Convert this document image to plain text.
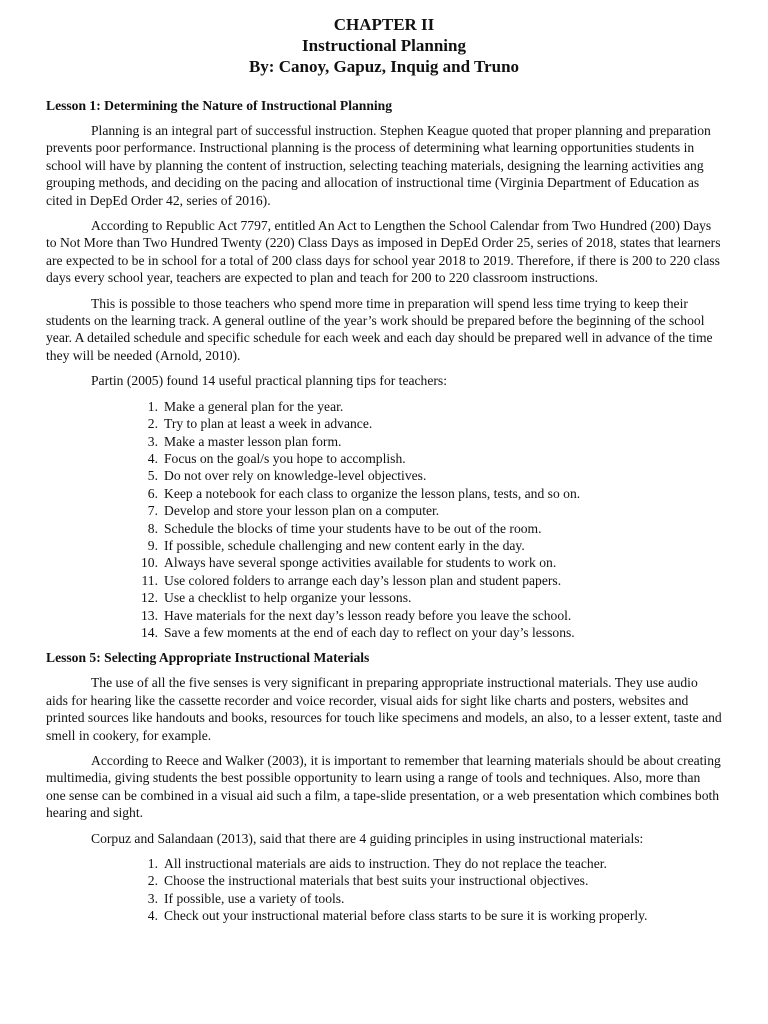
CHAPTER II
Instructional Planning
By: Canoy, Gapuz, Inquig and Truno
Lesson 1: Determining the Nature of Instructional Planning

Planning is an integral part of successful instruction. Stephen Keague quoted that proper planning and preparation prevents poor performance. Instructional planning is the process of determining what learning opportunities students in school will have by planning the content of instruction, selecting teaching materials, designing the learning activities ang grouping methods, and deciding on the pacing and allocation of instructional time (Virginia Department of Education as cited in DepEd Order 42, series of 2016).

According to Republic Act 7797, entitled An Act to Lengthen the School Calendar from Two Hundred (200) Days to Not More than Two Hundred Twenty (220) Class Days as imposed in DepEd Order 25, series of 2018, states that learners are expected to be in school for a total of 200 class days for school year 2018 to 2019. Therefore, if there is 200 to 220 class days every school year, teachers are expected to plan and teach for 200 to 220 classroom instructions.

This is possible to those teachers who spend more time in preparation will spend less time trying to keep their students on the learning track. A general outline of the year’s work should be prepared before the beginning of the school year. A detailed schedule and specific schedule for each week and each day should be prepared well in advance of the time they will be needed (Arnold, 2010).

Partin (2005) found 14 useful practical planning tips for teachers:

1. Make a general plan for the year.
2. Try to plan at least a week in advance.
3. Make a master lesson plan form.
4. Focus on the goal/s you hope to accomplish.
5. Do not over rely on knowledge-level objectives.
6. Keep a notebook for each class to organize the lesson plans, tests, and so on.
7. Develop and store your lesson plan on a computer.
8. Schedule the blocks of time your students have to be out of the room.
9. If possible, schedule challenging and new content early in the day.
10. Always have several sponge activities available for students to work on.
11. Use colored folders to arrange each day’s lesson plan and student papers.
12. Use a checklist to help organize your lessons.
13. Have materials for the next day’s lesson ready before you leave the school.
14. Save a few moments at the end of each day to reflect on your day’s lessons.
Lesson 5: Selecting Appropriate Instructional Materials

The use of all the five senses is very significant in preparing appropriate instructional materials. They use audio aids for hearing like the cassette recorder and voice recorder, visual aids for sight like charts and posters, websites and printed sources like handouts and books, resources for touch like specimens and models, an also, to a lesser extent, taste and smell in cookery, for example.

According to Reece and Walker (2003), it is important to remember that learning materials should be about creating multimedia, giving students the best possible opportunity to learn using a range of tools and techniques. Also, more than one sense can be combined in a visual aid such a film, a tape-slide presentation, or a web presentation which combines both hearing and sight.

Corpuz and Salandaan (2013), said that there are 4 guiding principles in using instructional materials:

1. All instructional materials are aids to instruction. They do not replace the teacher.
2. Choose the instructional materials that best suits your instructional objectives.
3. If possible, use a variety of tools.
4. Check out your instructional material before class starts to be sure it is working properly.
